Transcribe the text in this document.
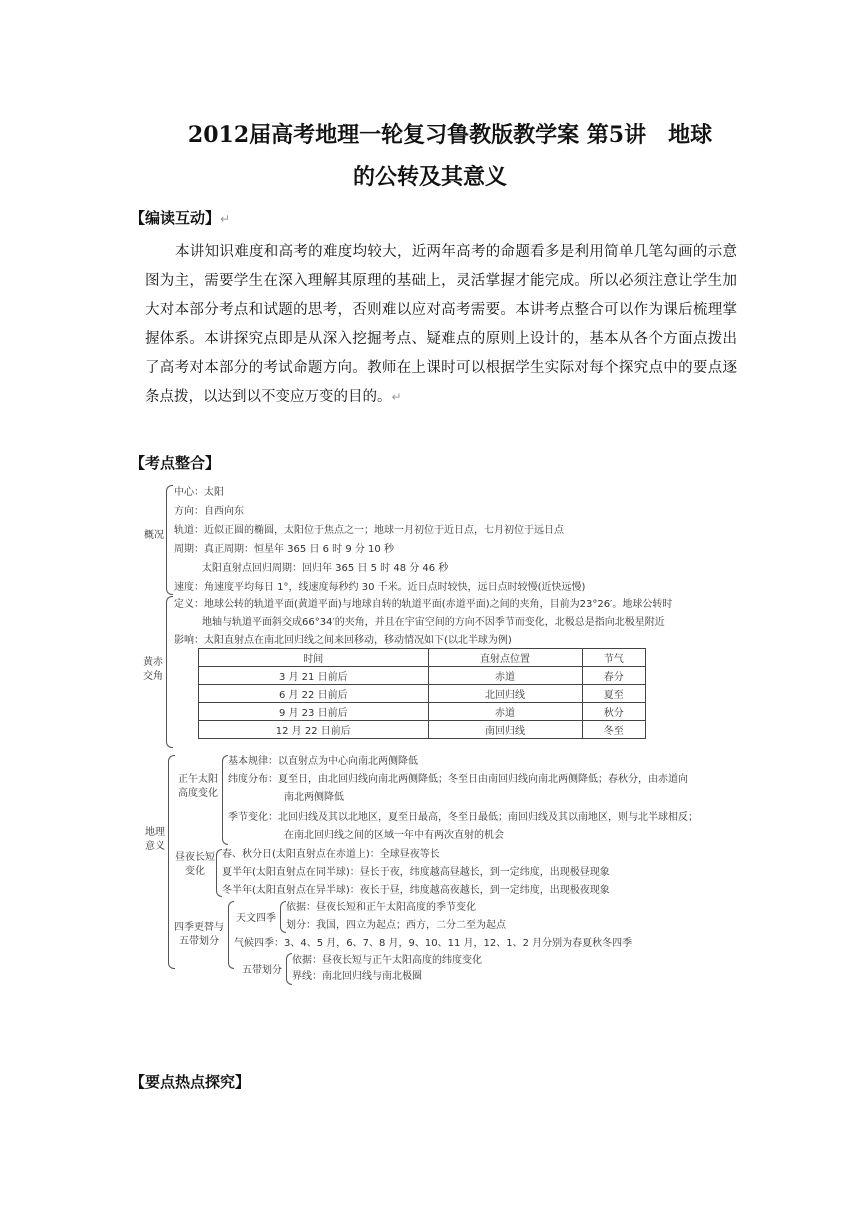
2012届高考地理一轮复习鲁教版教学案 第5讲　地球
的公转及其意义
【编读互动】↵
本讲知识难度和高考的难度均较大，近两年高考的命题看多是利用简单几笔勾画的示意图为主，需要学生在深入理解其原理的基础上，灵活掌握才能完成。所以必须注意让学生加大对本部分考点和试题的思考，否则难以应对高考需要。本讲考点整合可以作为课后梳理掌握体系。本讲探究点即是从深入挖掘考点、疑难点的原则上设计的，基本从各个方面点拨出了高考对本部分的考试命题方向。教师在上课时可以根据学生实际对每个探究点中的要点逐条点拨，以达到以不变应万变的目的。↵
【考点整合】
概况
中心：太阳
方向：自西向东
轨道：近似正圆的椭圆，太阳位于焦点之一；地球一月初位于近日点，七月初位于远日点
周期：真正周期：恒星年 365 日 6 时 9 分 10 秒
太阳直射点回归周期：回归年 365 日 5 时 48 分 46 秒
速度：角速度平均每日 1°，线速度每秒约 30 千米。近日点时较快，远日点时较慢(近快远慢)
黄赤交角
定义：地球公转的轨道平面(黄道平面)与地球自转的轨道平面(赤道平面)之间的夹角，目前为23°26′。地球公转时
地轴与轨道平面斜交成66°34′的夹角，并且在宇宙空间的方向不因季节而变化，北极总是指向北极星附近
影响：太阳直射点在南北回归线之间来回移动，移动情况如下(以北半球为例)
时间	直射点位置	节气
3 月 21 日前后	赤道	春分
6 月 22 日前后	北回归线	夏至
9 月 23 日前后	赤道	秋分
12 月 22 日前后	南回归线	冬至
地理意义
正午太阳高度变化
基本规律：以直射点为中心向南北两侧降低
纬度分布：夏至日，由北回归线向南北两侧降低；冬至日由南回归线向南北两侧降低；春秋分，由赤道向
南北两侧降低
季节变化：北回归线及其以北地区，夏至日最高，冬至日最低；南回归线及其以南地区，则与北半球相反；
在南北回归线之间的区域一年中有两次直射的机会
昼夜长短变化
春、秋分日(太阳直射点在赤道上)：全球昼夜等长
夏半年(太阳直射点在同半球)：昼长于夜，纬度越高昼越长，到一定纬度，出现极昼现象
冬半年(太阳直射点在异半球)：夜长于昼，纬度越高夜越长，到一定纬度，出现极夜现象
四季更替与五带划分
天文四季
依据：昼夜长短和正午太阳高度的季节变化
划分：我国，四立为起点；西方，二分二至为起点
气候四季：3、4、5 月，6、7、8 月，9、10、11 月，12、1、2 月分别为春夏秋冬四季
五带划分
依据：昼夜长短与正午太阳高度的纬度变化
界线：南北回归线与南北极圈
【要点热点探究】
